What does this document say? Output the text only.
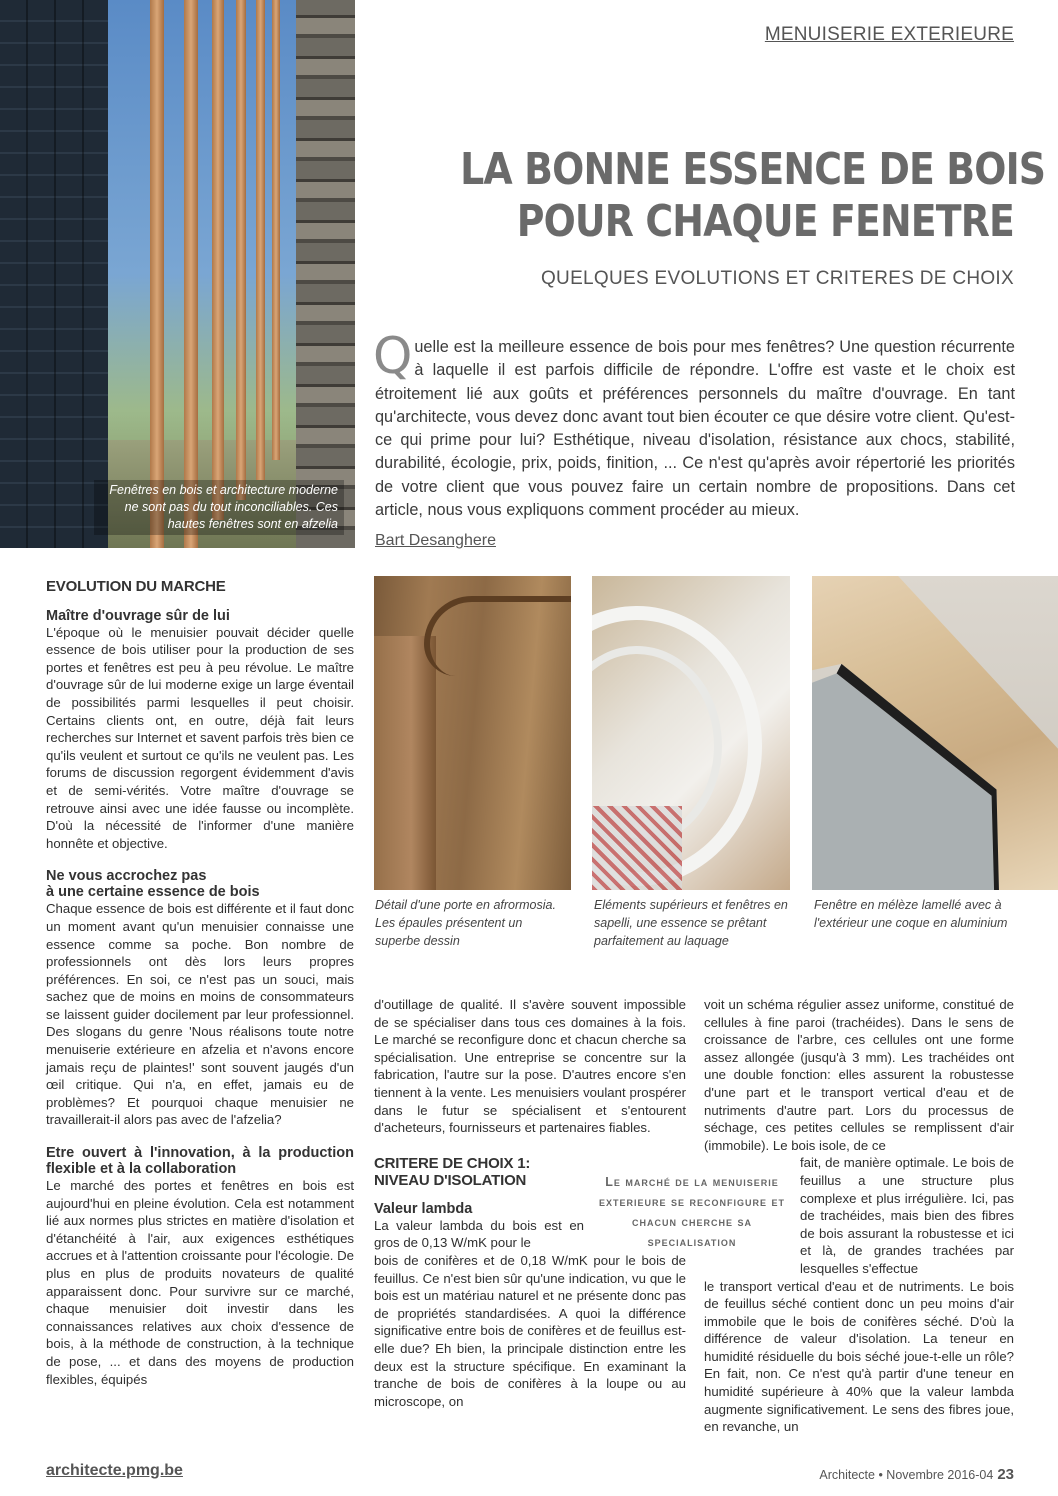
Fenêtres en bois et architecture moderne ne sont pas du tout inconciliables. Ces hautes fenêtres sont en afzelia
MENUISERIE EXTERIEURE
LA BONNE ESSENCE DE BOIS
POUR CHAQUE FENETRE
QUELQUES EVOLUTIONS ET CRITERES DE CHOIX
Quelle est la meilleure essence de bois pour mes fenêtres? Une question récurrente à laquelle il est parfois difficile de répondre. L'offre est vaste et le choix est étroitement lié aux goûts et préférences personnels du maître d'ouvrage. En tant qu'architecte, vous devez donc avant tout bien écouter ce que désire votre client. Qu'est-ce qui prime pour lui? Esthétique, niveau d'isolation, résistance aux chocs, stabilité, durabilité, écologie, prix, poids, finition, ... Ce n'est qu'après avoir répertorié les priorités de votre client que vous pouvez faire un certain nombre de propositions. Dans cet article, nous vous expliquons comment procéder au mieux.
Bart Desanghere
EVOLUTION DU MARCHE
Maître d'ouvrage sûr de lui

L'époque où le menuisier pouvait décider quelle essence de bois utiliser pour la production de ses portes et fenêtres est peu à peu révolue. Le maître d'ouvrage sûr de lui moderne exige un large éventail de possibilités parmi lesquelles il peut choisir. Certains clients ont, en outre, déjà fait leurs recherches sur Internet et savent parfois très bien ce qu'ils veulent et surtout ce qu'ils ne veulent pas. Les forums de discussion regorgent évidemment d'avis et de semi-vérités. Votre maître d'ouvrage se retrouve ainsi avec une idée fausse ou incomplète. D'où la nécessité de l'informer d'une manière honnête et objective.

Ne vous accrochez pas
à une certaine essence de bois

Chaque essence de bois est différente et il faut donc un moment avant qu'un menuisier connaisse une essence comme sa poche. Bon nombre de professionnels ont dès lors leurs propres préférences. En soi, ce n'est pas un souci, mais sachez que de moins en moins de consommateurs se laissent guider docilement par leur professionnel. Des slogans du genre 'Nous réalisons toute notre menuiserie extérieure en afzelia et n'avons encore jamais reçu de plaintes!' sont souvent jaugés d'un œil critique. Qui n'a, en effet, jamais eu de problèmes? Et pourquoi chaque menuisier ne travaillerait-il alors pas avec de l'afzelia?

Etre ouvert à l'innovation, à la production flexible et à la collaboration

Le marché des portes et fenêtres en bois est aujourd'hui en pleine évolution. Cela est notamment lié aux normes plus strictes en matière d'isolation et d'étanchéité à l'air, aux exigences esthétiques accrues et à l'attention croissante pour l'écologie. De plus en plus de produits novateurs de qualité apparaissent donc. Pour survivre sur ce marché, chaque menuisier doit investir dans les connaissances relatives aux choix d'essence de bois, à la méthode de construction, à la technique de pose, ... et dans des moyens de production flexibles, équipés

Détail d'une porte en afrormosia. Les épaules présentent un superbe dessin
Eléments supérieurs et fenêtres en sapelli, une essence se prêtant parfaitement au laquage
Fenêtre en mélèze lamellé avec à l'extérieur une coque en aluminium

d'outillage de qualité. Il s'avère souvent impossible de se spécialiser dans tous ces domaines à la fois. Le marché se reconfigure donc et chacun cherche sa spécialisation. Une entreprise se concentre sur la fabrication, l'autre sur la pose. D'autres encore s'en tiennent à la vente. Les menuisiers voulant prospérer dans le futur se spécialisent et s'entourent d'acheteurs, fournisseurs et partenaires fiables.

CRITERE DE CHOIX 1:
NIVEAU D'ISOLATION
Valeur lambda

La valeur lambda du bois est en gros de 0,13 W/mK pour le

bois de conifères et de 0,18 W/mK pour le bois de feuillus. Ce n'est bien sûr qu'une indication, vu que le bois est un matériau naturel et ne présente donc pas de propriétés standardisées. A quoi la différence significative entre bois de conifères et de feuillus est-elle due? Eh bien, la principale distinction entre les deux est la structure spécifique. En examinant la tranche de bois de conifères à la loupe ou au microscope, on

Le marché de la menuiserie exterieure se reconfigure et chacun cherche sa specialisation

voit un schéma régulier assez uniforme, constitué de cellules à fine paroi (trachéides). Dans le sens de croissance de l'arbre, ces cellules ont une forme assez allongée (jusqu'à 3 mm). Les trachéides ont une double fonction: elles assurent la robustesse d'une part et le transport vertical d'eau et de nutriments d'autre part. Lors du processus de séchage, ces petites cellules se remplissent d'air (immobile). Le bois isole, de ce

fait, de manière optimale. Le bois de feuillus a une structure plus complexe et plus irrégulière. Ici, pas de trachéides, mais bien des fibres de bois assurant la robustesse et ici et là, de grandes trachées par lesquelles s'effectue

le transport vertical d'eau et de nutriments. Le bois de feuillus séché contient donc un peu moins d'air immobile que le bois de conifères séché. D'où la différence de valeur d'isolation. La teneur en humidité résiduelle du bois séché joue-t-elle un rôle? En fait, non. Ce n'est qu'à partir d'une teneur en humidité supérieure à 40% que la valeur lambda augmente significativement. Le sens des fibres joue, en revanche, un

architecte.pmg.be	Architecte • Novembre 2016-04 23
